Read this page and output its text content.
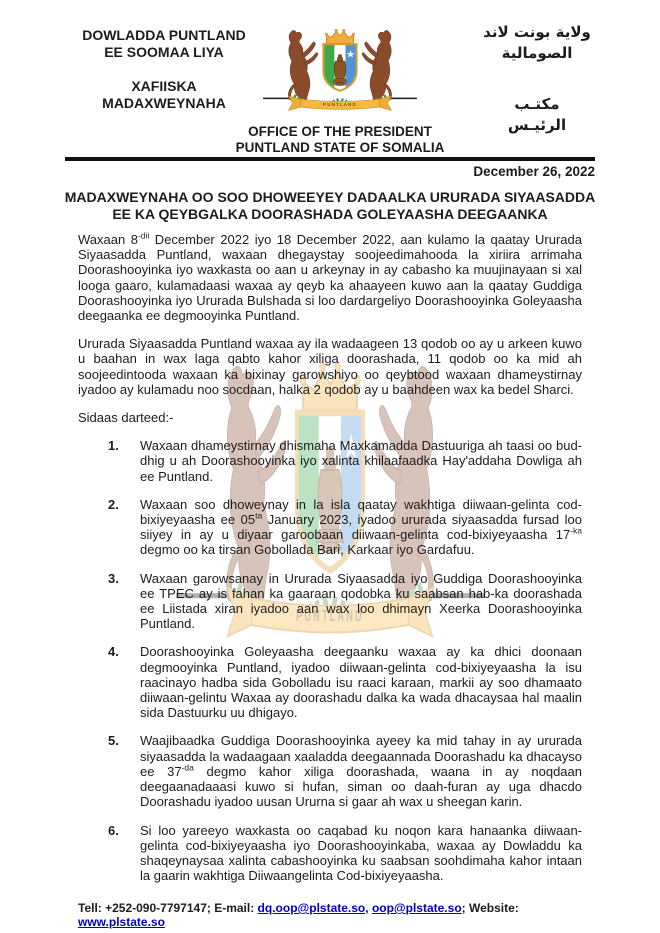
DOWLADDA PUNTLAND
EE SOOMAA LIYA
XAFIISKA
MADAXWEYNAHA
ولاية بونت لاند
الصومالية
مكتـب
الرئيـس
OFFICE OF THE PRESIDENT
PUNTLAND STATE OF SOMALIA
December 26, 2022
MADAXWEYNAHA OO SOO DHOWEEYEY DADAALKA URURADA SIYAASADDA
EE KA QEYBGALKA DOORASHADA GOLEYAASHA DEEGAANKA

Waxaan $8^{-dii}$ December 2022 iyo 18 December 2022, aan kulamo la qaatay Ururada Siyaasadda Puntland, waxaan dhegaystay soojeedimahooda la xiriira arrimaha Doorashooyinka iyo waxkasta oo aan u arkeynay in ay cabasho ka muujinayaan si xal looga gaaro, kulamadaasi waxaa ay qeyb ka ahaayeen kuwo aan la qaatay Guddiga Doorashooyinka iyo Ururada Bulshada si loo dardargeliyo Doorashooyinka Goleyaasha deegaanka ee degmooyinka Puntland.

Ururada Siyaasadda Puntland waxaa ay ila wadaageen 13 qodob oo ay u arkeen kuwo u baahan in wax laga qabto kahor xiliga doorashada, 11 qodob oo ka mid ah soojeedintooda waxaan ka bixinay garowshiyo oo qeybtood waxaan dhameystirnay iyadoo ay kulamadu noo socdaan, halka 2 qodob ay u baahdeen wax ka bedel Sharci.

Sidaas darteed:-

1.	Waxaan dhameystirnay dhismaha Maxkamadda Dastuuriga ah taasi oo bud-dhig u ah Doorashooyinka iyo xalinta khilaafaadka Hay'addaha Dowliga ah ee Puntland.
2.	Waxaan soo dhoweynay in la isla qaatay wakhtiga diiwaan-gelinta cod-bixiyeyaasha ee $05^{ta}$ January 2023, iyadoo ururada siyaasadda fursad loo siiyey in ay u diyaar garoobaan diiwaan-gelinta cod-bixiyeyaasha $17^{-ka}$ degmo oo ka tirsan Gobollada Bari, Karkaar iyo Gardafuu.
3.	Waxaan garowsanay in Ururada Siyaasadda iyo Guddiga Doorashooyinka ee TPEC ay is fahan ka gaaraan qodobka ku saabsan hab-ka doorashada ee Liistada xiran iyadoo aan wax loo dhimayn Xeerka Doorashooyinka Puntland.
4.	Doorashooyinka Goleyaasha deegaanku waxaa ay ka dhici doonaan degmooyinka Puntland, iyadoo diiwaan-gelinta cod-bixiyeyaasha la isu raacinayo hadba sida Gobolladu isu raaci karaan, markii ay soo dhamaato diiwaan-gelintu Waxaa ay doorashadu dalka ka wada dhacaysaa hal maalin sida Dastuurku uu dhigayo.
5.	Waajibaadka Guddiga Doorashooyinka ayeey ka mid tahay in ay ururada siyaasadda la wadaagaan xaaladda deegaannada Doorashadu ka dhacayso ee $37^{-da}$ degmo kahor xiliga doorashada, waana in ay noqdaan deegaanadaaasi kuwo si hufan, siman oo daah-furan ay uga dhacdo Doorashadu iyadoo uusan Ururna si gaar ah wax u sheegan karin.
6.	Si loo yareeyo waxkasta oo caqabad ku noqon kara hanaanka diiwaan-gelinta cod-bixiyeyaasha iyo Doorashooyinkaba, waxaa ay Dowladdu ka shaqeynaysaa xalinta cabashooyinka ku saabsan soohdimaha kahor intaan la gaarin wakhtiga Diiwaangelinta Cod-bixiyeyaasha.
Tell: +252-090-7797147; E-mail: dq.oop@plstate.so, oop@plstate.so; Website: www.plstate.so
